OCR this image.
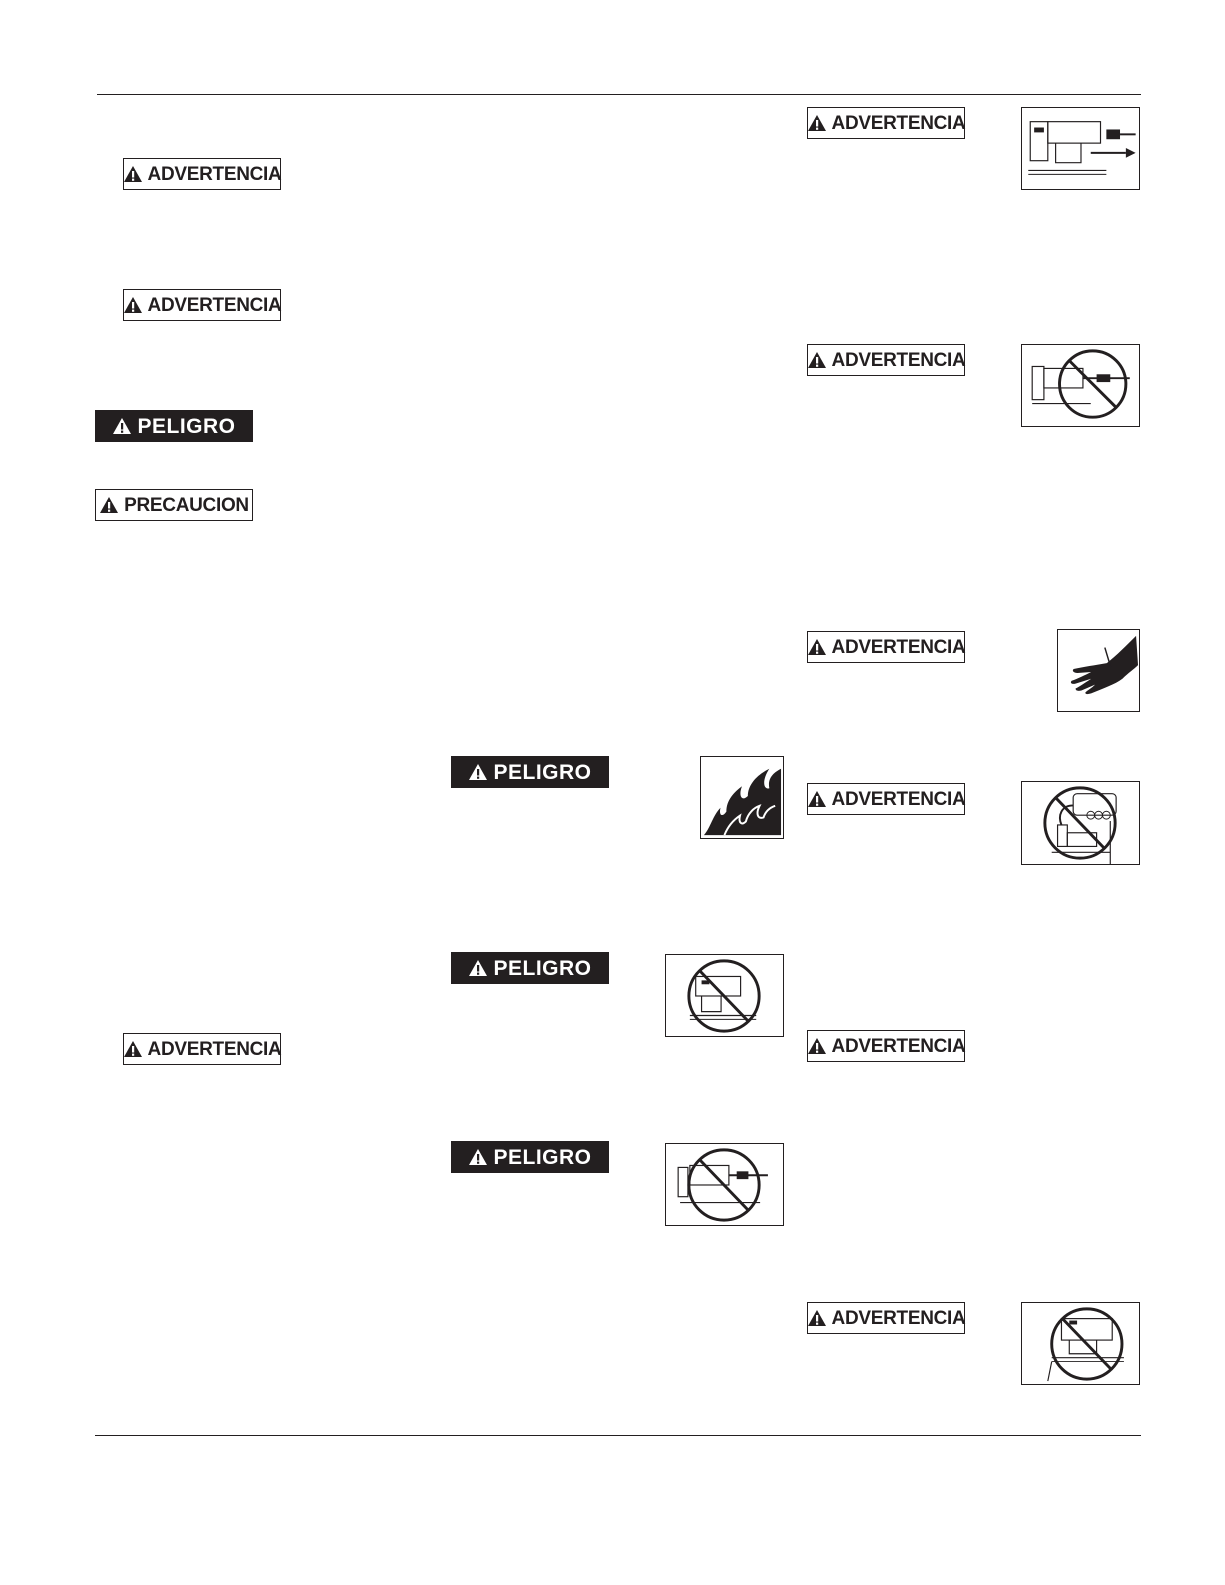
ADVERTENCIA
ADVERTENCIA
PELIGRO
PRECAUCION
ADVERTENCIA
PELIGRO
PELIGRO
PELIGRO
ADVERTENCIA
ADVERTENCIA
ADVERTENCIA
ADVERTENCIA
ADVERTENCIA
ADVERTENCIA
